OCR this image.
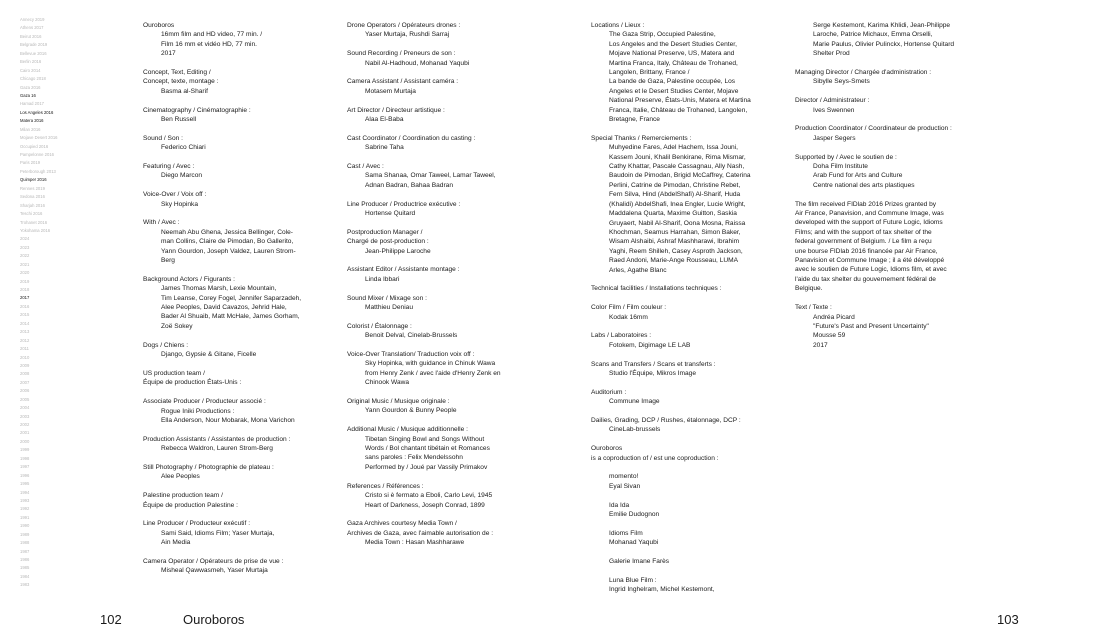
Annecy 2019
Athens 2017
Beirut 2016
Belgrade 2019
Bellevue 2016
Berlin 2016
Cairo 2014
Chicago 2018
Gaza 2016
Gaza 16
Hamad 2017
Los Angeles 2016
Matera 2016
Milan 2016
Mojave Desert 2016
Occupied 2016
Pampelonne 2016
Paris 2019
Peterborough 2013
Quimper 2016
Rennes 2019
Sedona 2016
Sharjah 2016
Teschi 2016
Trohanet 2016
Yokohama 2016
2024
2023
2022
2021
2020
2019
2018
2017
2016
2015
2014
2013
2012
2011
2010
2009
2008
2007
2006
2005
2004
2003
2002
2001
2000
1999
1998
1997
1996
1995
1994
1993
1992
1991
1990
1989
1988
1987
1986
1985
1984
1983
Ouroboros
16mm film and HD video, 77 min. /
Film 16 mm et vidéo HD, 77 min.
2017
Concept, Text, Editing /
Concept, texte, montage :
Basma al-Sharif
Cinematography / Cinématographie :
Ben Russell
Sound / Son :
Federico Chiari
Featuring / Avec :
Diego Marcon
Voice-Over / Voix off :
Sky Hopinka
With / Avec :
Neemah Abu Ghena, Jessica Bellinger, Cole-
man Collins, Claire de Pimodan, Bo Gallerito,
Yann Gourdon, Joseph Valdez, Lauren Strom-
Berg
Background Actors / Figurants :
James Thomas Marsh, Lexie Mountain,
Tim Leanse, Corey Fogel, Jennifer Saparzadeh,
Alee Peoples, David Cavazos, Jehrid Hale,
Bader Al Shuaib, Matt McHale, James Gorham,
Zoë Sokey
Dogs / Chiens :
Django, Gypsie & Gitane, Ficelle
US production team /
Équipe de production États-Unis :
Associate Producer / Producteur associé :
Rogue Iniki Productions :
Ella Anderson, Nour Mobarak, Mona Varichon
Production Assistants / Assistantes de production :
Rebecca Waldron, Lauren Strom-Berg
Still Photography / Photographie de plateau :
Alee Peoples
Palestine production team /
Équipe de production Palestine :
Line Producer / Producteur exécutif :
Sami Said, Idioms Film; Yaser Murtaja,
Ain Media
Camera Operator / Opérateurs de prise de vue :
Misheal Qawwasmeh, Yaser Murtaja
Drone Operators / Opérateurs drones :
Yaser Murtaja, Rushdi Sarraj
Sound Recording / Preneurs de son :
Nabil Al-Hadhoud, Mohanad Yaqubi
Camera Assistant / Assistant caméra :
Motasem Murtaja
Art Director / Directeur artistique :
Alaa El-Baba
Cast Coordinator / Coordination du casting :
Sabrine Taha
Cast / Avec :
Sama Shanaa, Omar Taweel, Lamar Taweel,
Adnan Badran, Bahaa Badran
Line Producer / Productrice exécutive :
Hortense Quitard
Postproduction Manager /
Chargé de post-production :
Jean-Philippe Laroche
Assistant Editor / Assistante montage :
Linda Ibbari
Sound Mixer / Mixage son :
Matthieu Deniau
Colorist / Étalonnage :
Benoit Delval, Cinelab-Brussels
Voice-Over Translation/ Traduction voix off :
Sky Hopinka, with guidance in Chinuk Wawa
from Henry Zenk / avec l'aide d'Henry Zenk en
Chinook Wawa
Original Music / Musique originale :
Yann Gourdon & Bunny People
Additional Music / Musique additionnelle :
Tibetan Singing Bowl and Songs Without
Words / Bol chantant tibétain et Romances
sans paroles : Felix Mendelssohn
Performed by / Joué par Vassily Primakov
References / Références :
Cristo si è fermato a Eboli, Carlo Levi, 1945
Heart of Darkness, Joseph Conrad, 1899
Gaza Archives courtesy Media Town /
Archives de Gaza, avec l'aimable autorisation de :
Media Town : Hasan Mashharawe
Locations / Lieux :
The Gaza Strip, Occupied Palestine,
Los Angeles and the Desert Studies Center,
Mojave National Preserve, US, Matera and
Martina Franca, Italy, Château de Trohaned,
Langolen, Brittany, France /
La bande de Gaza, Palestine occupée, Los
Angeles et le Desert Studies Center, Mojave
National Preserve, États-Unis, Matera et Martina
Franca, Italie, Château de Trohaned, Langolen,
Bretagne, France
Special Thanks / Remerciements :
Muhyedine Fares, Adel Hachem, Issa Jouni,
Kassem Jouni, Khalil Benkirane, Rima Mismar,
Cathy Khattar, Pascale Cassagnau, Ally Nash,
Baudoin de Pimodan, Brigid McCaffrey, Caterina
Perlini, Catrine de Pimodan, Christine Rebet,
Fern Silva, Hind (AbdelShafi) Al-Sharif, Huda
(Khalidi) AbdelShafi, Inea Engler, Lucie Wright,
Maddalena Quarta, Maxime Guitton, Saskia
Gruyaert, Nabil Al-Sharif, Oona Mosna, Raissa
Khochman, Seamus Harrahan, Simon Baker,
Wisam Alshaibi, Ashraf Mashharawi, Ibrahim
Yaghi, Reem Shilleh, Casey Asproth Jackson,
Raed Andoni, Marie-Ange Rousseau, LUMA
Arles, Agathe Blanc
Technical facilities / Installations techniques :
Color Film / Film couleur :
Kodak 16mm
Labs / Laboratoires :
Fotokem, Digimage LE LAB
Scans and Transfers / Scans et transferts :
Studio l'Équipe, Mikros Image
Auditorium :
Commune Image
Dailies, Grading, DCP / Rushes, étalonnage, DCP :
CineLab-brussels
Ouroboros
is a coproduction of / est une coproduction :
momento!
Eyal Sivan
Ida Ida
Emilie Dudognon
Idioms Film
Mohanad Yaqubi
Galerie Imane Farès
Luna Blue Film :
Ingrid Inghelram, Michel Kestemont,
Serge Kestemont, Karima Khlidi, Jean-Philippe
Laroche, Patrice Michaux, Emma Orselli,
Marie Paulus, Olivier Pulinckx, Hortense Quitard
Shelter Prod
Managing Director / Chargée d'administration :
Sibylle Seys-Smets
Director / Administrateur :
Ives Swennen
Production Coordinator / Coordinateur de production :
Jasper Segers
Supported by / Avec le soutien de :
Doha Film Institute
Arab Fund for Arts and Culture
Centre national des arts plastiques
The film received FIDlab 2016 Prizes granted by
Air France, Panavision, and Commune Image, was
developed with the support of Future Logic, Idioms
Films; and with the support of tax shelter of the
federal government of Belgium. / Le film a reçu
une bourse FIDlab 2016 financée par Air France,
Panavision et Commune Image ; il a été développé
avec le soutien de Future Logic, Idioms film, et avec
l'aide du tax shelter du gouvernement fédéral de
Belgique.
Text / Texte :
Andréa Picard
"Future's Past and Present Uncertainty"
Mousse 59
2017
102	Ouroboros	103
